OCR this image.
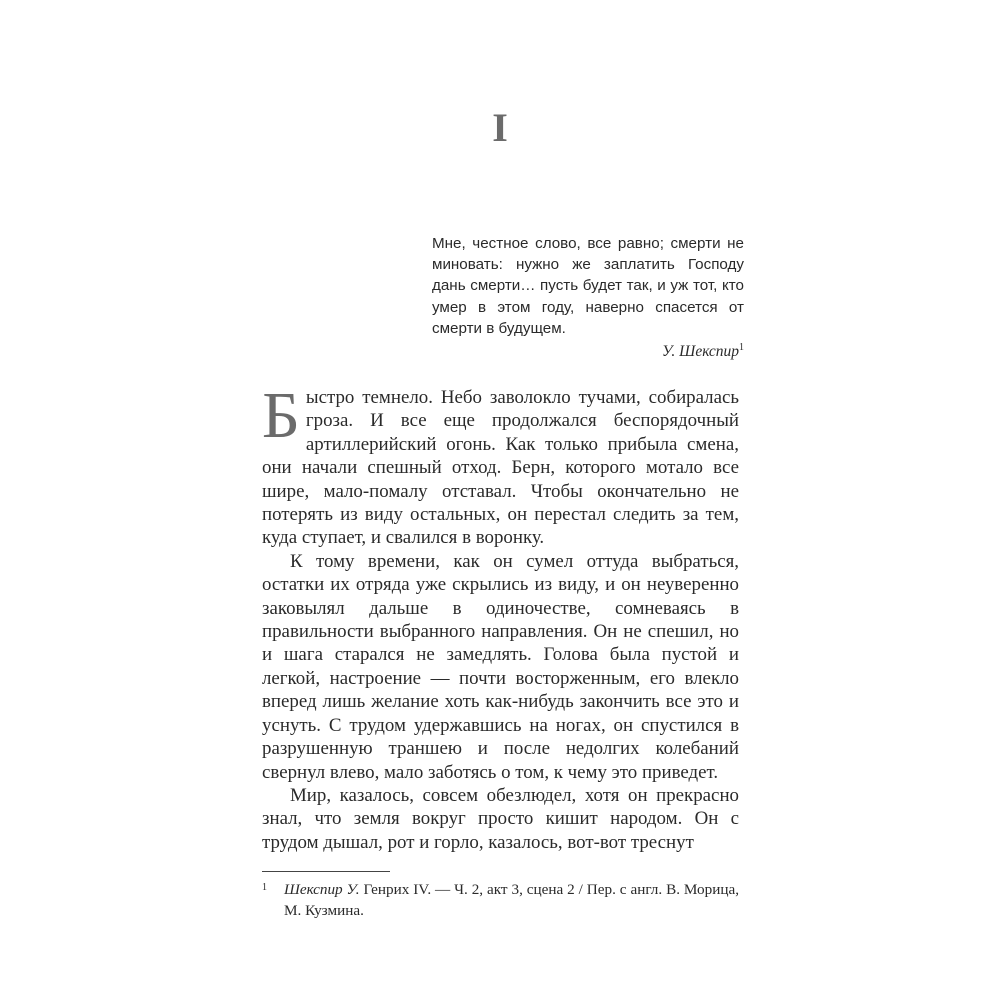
I
Мне, честное слово, все равно; смерти не миновать: нужно же заплатить Господу дань смерти… пусть будет так, и уж тот, кто умер в этом году, наверно спасется от смерти в будущем.
У. Шекспир$^1$

Быстро темнело. Небо заволокло тучами, собиралась гроза. И все еще продолжался беспорядочный артиллерийский огонь. Как только прибыла смена, они начали спешный отход. Берн, которого мотало все шире, мало-помалу отставал. Чтобы окончательно не потерять из виду остальных, он перестал следить за тем, куда ступает, и свалился в воронку.

К тому времени, как он сумел оттуда выбраться, остатки их отряда уже скрылись из виду, и он неуверенно заковылял дальше в одиночестве, сомневаясь в правильности выбранного направления. Он не спешил, но и шага старался не замедлять. Голова была пустой и легкой, настроение — почти восторженным, его влекло вперед лишь желание хоть как-нибудь закончить все это и уснуть. С трудом удержавшись на ногах, он спустился в разрушенную траншею и после недолгих колебаний свернул влево, мало заботясь о том, к чему это приведет.

Мир, казалось, совсем обезлюдел, хотя он прекрасно знал, что земля вокруг просто кишит народом. Он с трудом дышал, рот и горло, казалось, вот-вот треснут

1 Шекспир У. Генрих IV. — Ч. 2, акт 3, сцена 2 / Пер. с англ. В. Морица, М. Кузмина.
